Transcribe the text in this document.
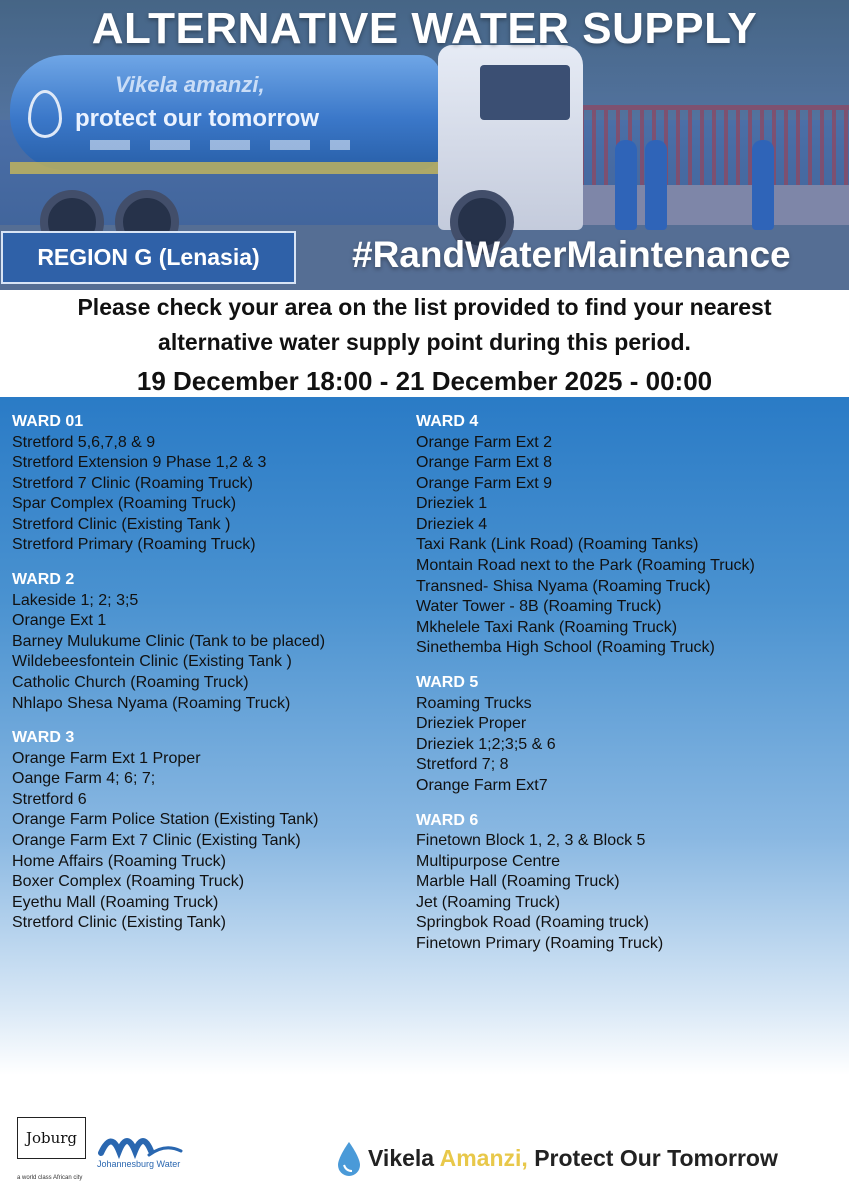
Vikela amanzi,
protect our tomorrow
ALTERNATIVE WATER SUPPLY
REGION G (Lenasia)	#RandWaterMaintenance
Please check your area on the list provided to find your nearest
alternative water supply point during this period.
19 December 18:00 - 21 December 2025 - 00:00
WARD 01
Stretford 5,6,7,8 & 9
Stretford Extension 9 Phase 1,2 & 3
Stretford 7 Clinic (Roaming Truck)
Spar Complex (Roaming Truck)
Stretford Clinic (Existing Tank )
Stretford Primary (Roaming Truck)
WARD 2
Lakeside 1; 2; 3;5
Orange Ext 1
Barney Mulukume Clinic (Tank to be placed)
Wildebeesfontein Clinic (Existing Tank )
Catholic Church (Roaming Truck)
Nhlapo Shesa Nyama (Roaming Truck)
WARD 3
Orange Farm Ext 1 Proper
Oange Farm 4; 6; 7;
Stretford 6
Orange Farm Police Station (Existing Tank)
Orange Farm Ext 7 Clinic (Existing Tank)
Home Affairs (Roaming Truck)
Boxer Complex (Roaming Truck)
Eyethu Mall (Roaming Truck)
Stretford Clinic (Existing Tank)
WARD 4
Orange Farm Ext 2
Orange Farm Ext 8
Orange Farm Ext 9
Drieziek 1
Drieziek 4
Taxi Rank (Link Road) (Roaming Tanks)
Montain Road next to the Park (Roaming Truck)
Transned- Shisa Nyama (Roaming Truck)
Water Tower - 8B (Roaming Truck)
Mkhelele Taxi Rank (Roaming Truck)
Sinethemba High School (Roaming Truck)
WARD 5
Roaming Trucks
Drieziek Proper
Drieziek 1;2;3;5 & 6
Stretford 7; 8
Orange Farm Ext7
WARD 6
Finetown Block 1, 2, 3 & Block 5
Multipurpose Centre
Marble Hall (Roaming Truck)
Jet (Roaming Truck)
Springbok Road (Roaming truck)
Finetown Primary (Roaming Truck)
Joburg
a world class African city
Johannesburg Water	Vikela Amanzi, Protect Our Tomorrow
